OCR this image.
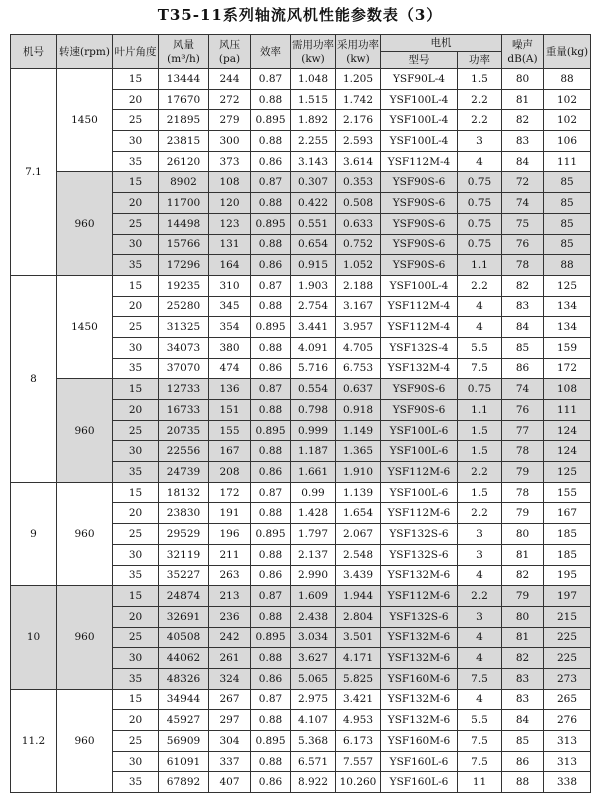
T35-11系列轴流风机性能参数表（3）
机号	转速(rpm)	叶片角度	风量(m³/h)	风压(pa)	效率	需用功率(kw)	采用功率(kw)	电机		噪声dB(A)	重量(kg)
								型号	功率		
7.1	1450	15	13444	244	0.87	1.048	1.205	YSF90L-4	1.5	80	88
		20	17670	272	0.88	1.515	1.742	YSF100L-4	2.2	81	102
		25	21895	279	0.895	1.892	2.176	YSF100L-4	2.2	82	102
		30	23815	300	0.88	2.255	2.593	YSF100L-4	3	83	106
		35	26120	373	0.86	3.143	3.614	YSF112M-4	4	84	111
	960	15	8902	108	0.87	0.307	0.353	YSF90S-6	0.75	72	85
		20	11700	120	0.88	0.422	0.508	YSF90S-6	0.75	74	85
		25	14498	123	0.895	0.551	0.633	YSF90S-6	0.75	75	85
		30	15766	131	0.88	0.654	0.752	YSF90S-6	0.75	76	85
		35	17296	164	0.86	0.915	1.052	YSF90S-6	1.1	78	88
8	1450	15	19235	310	0.87	1.903	2.188	YSF100L-4	2.2	82	125
		20	25280	345	0.88	2.754	3.167	YSF112M-4	4	83	134
		25	31325	354	0.895	3.441	3.957	YSF112M-4	4	84	134
		30	34073	380	0.88	4.091	4.705	YSF132S-4	5.5	85	159
		35	37070	474	0.86	5.716	6.753	YSF132M-4	7.5	86	172
	960	15	12733	136	0.87	0.554	0.637	YSF90S-6	0.75	74	108
		20	16733	151	0.88	0.798	0.918	YSF90S-6	1.1	76	111
		25	20735	155	0.895	0.999	1.149	YSF100L-6	1.5	77	124
		30	22556	167	0.88	1.187	1.365	YSF100L-6	1.5	78	124
		35	24739	208	0.86	1.661	1.910	YSF112M-6	2.2	79	125
9	960	15	18132	172	0.87	0.99	1.139	YSF100L-6	1.5	78	155
		20	23830	191	0.88	1.428	1.654	YSF112M-6	2.2	79	167
		25	29529	196	0.895	1.797	2.067	YSF132S-6	3	80	185
		30	32119	211	0.88	2.137	2.548	YSF132S-6	3	81	185
		35	35227	263	0.86	2.990	3.439	YSF132M-6	4	82	195
10	960	15	24874	213	0.87	1.609	1.944	YSF112M-6	2.2	79	197
		20	32691	236	0.88	2.438	2.804	YSF132S-6	3	80	215
		25	40508	242	0.895	3.034	3.501	YSF132M-6	4	81	225
		30	44062	261	0.88	3.627	4.171	YSF132M-6	4	82	225
		35	48326	324	0.86	5.065	5.825	YSF160M-6	7.5	83	273
11.2	960	15	34944	267	0.87	2.975	3.421	YSF132M-6	4	83	265
		20	45927	297	0.88	4.107	4.953	YSF132M-6	5.5	84	276
		25	56909	304	0.895	5.368	6.173	YSF160M-6	7.5	85	313
		30	61091	337	0.88	6.571	7.557	YSF160L-6	7.5	86	313
		35	67892	407	0.86	8.922	10.260	YSF160L-6	11	88	338
